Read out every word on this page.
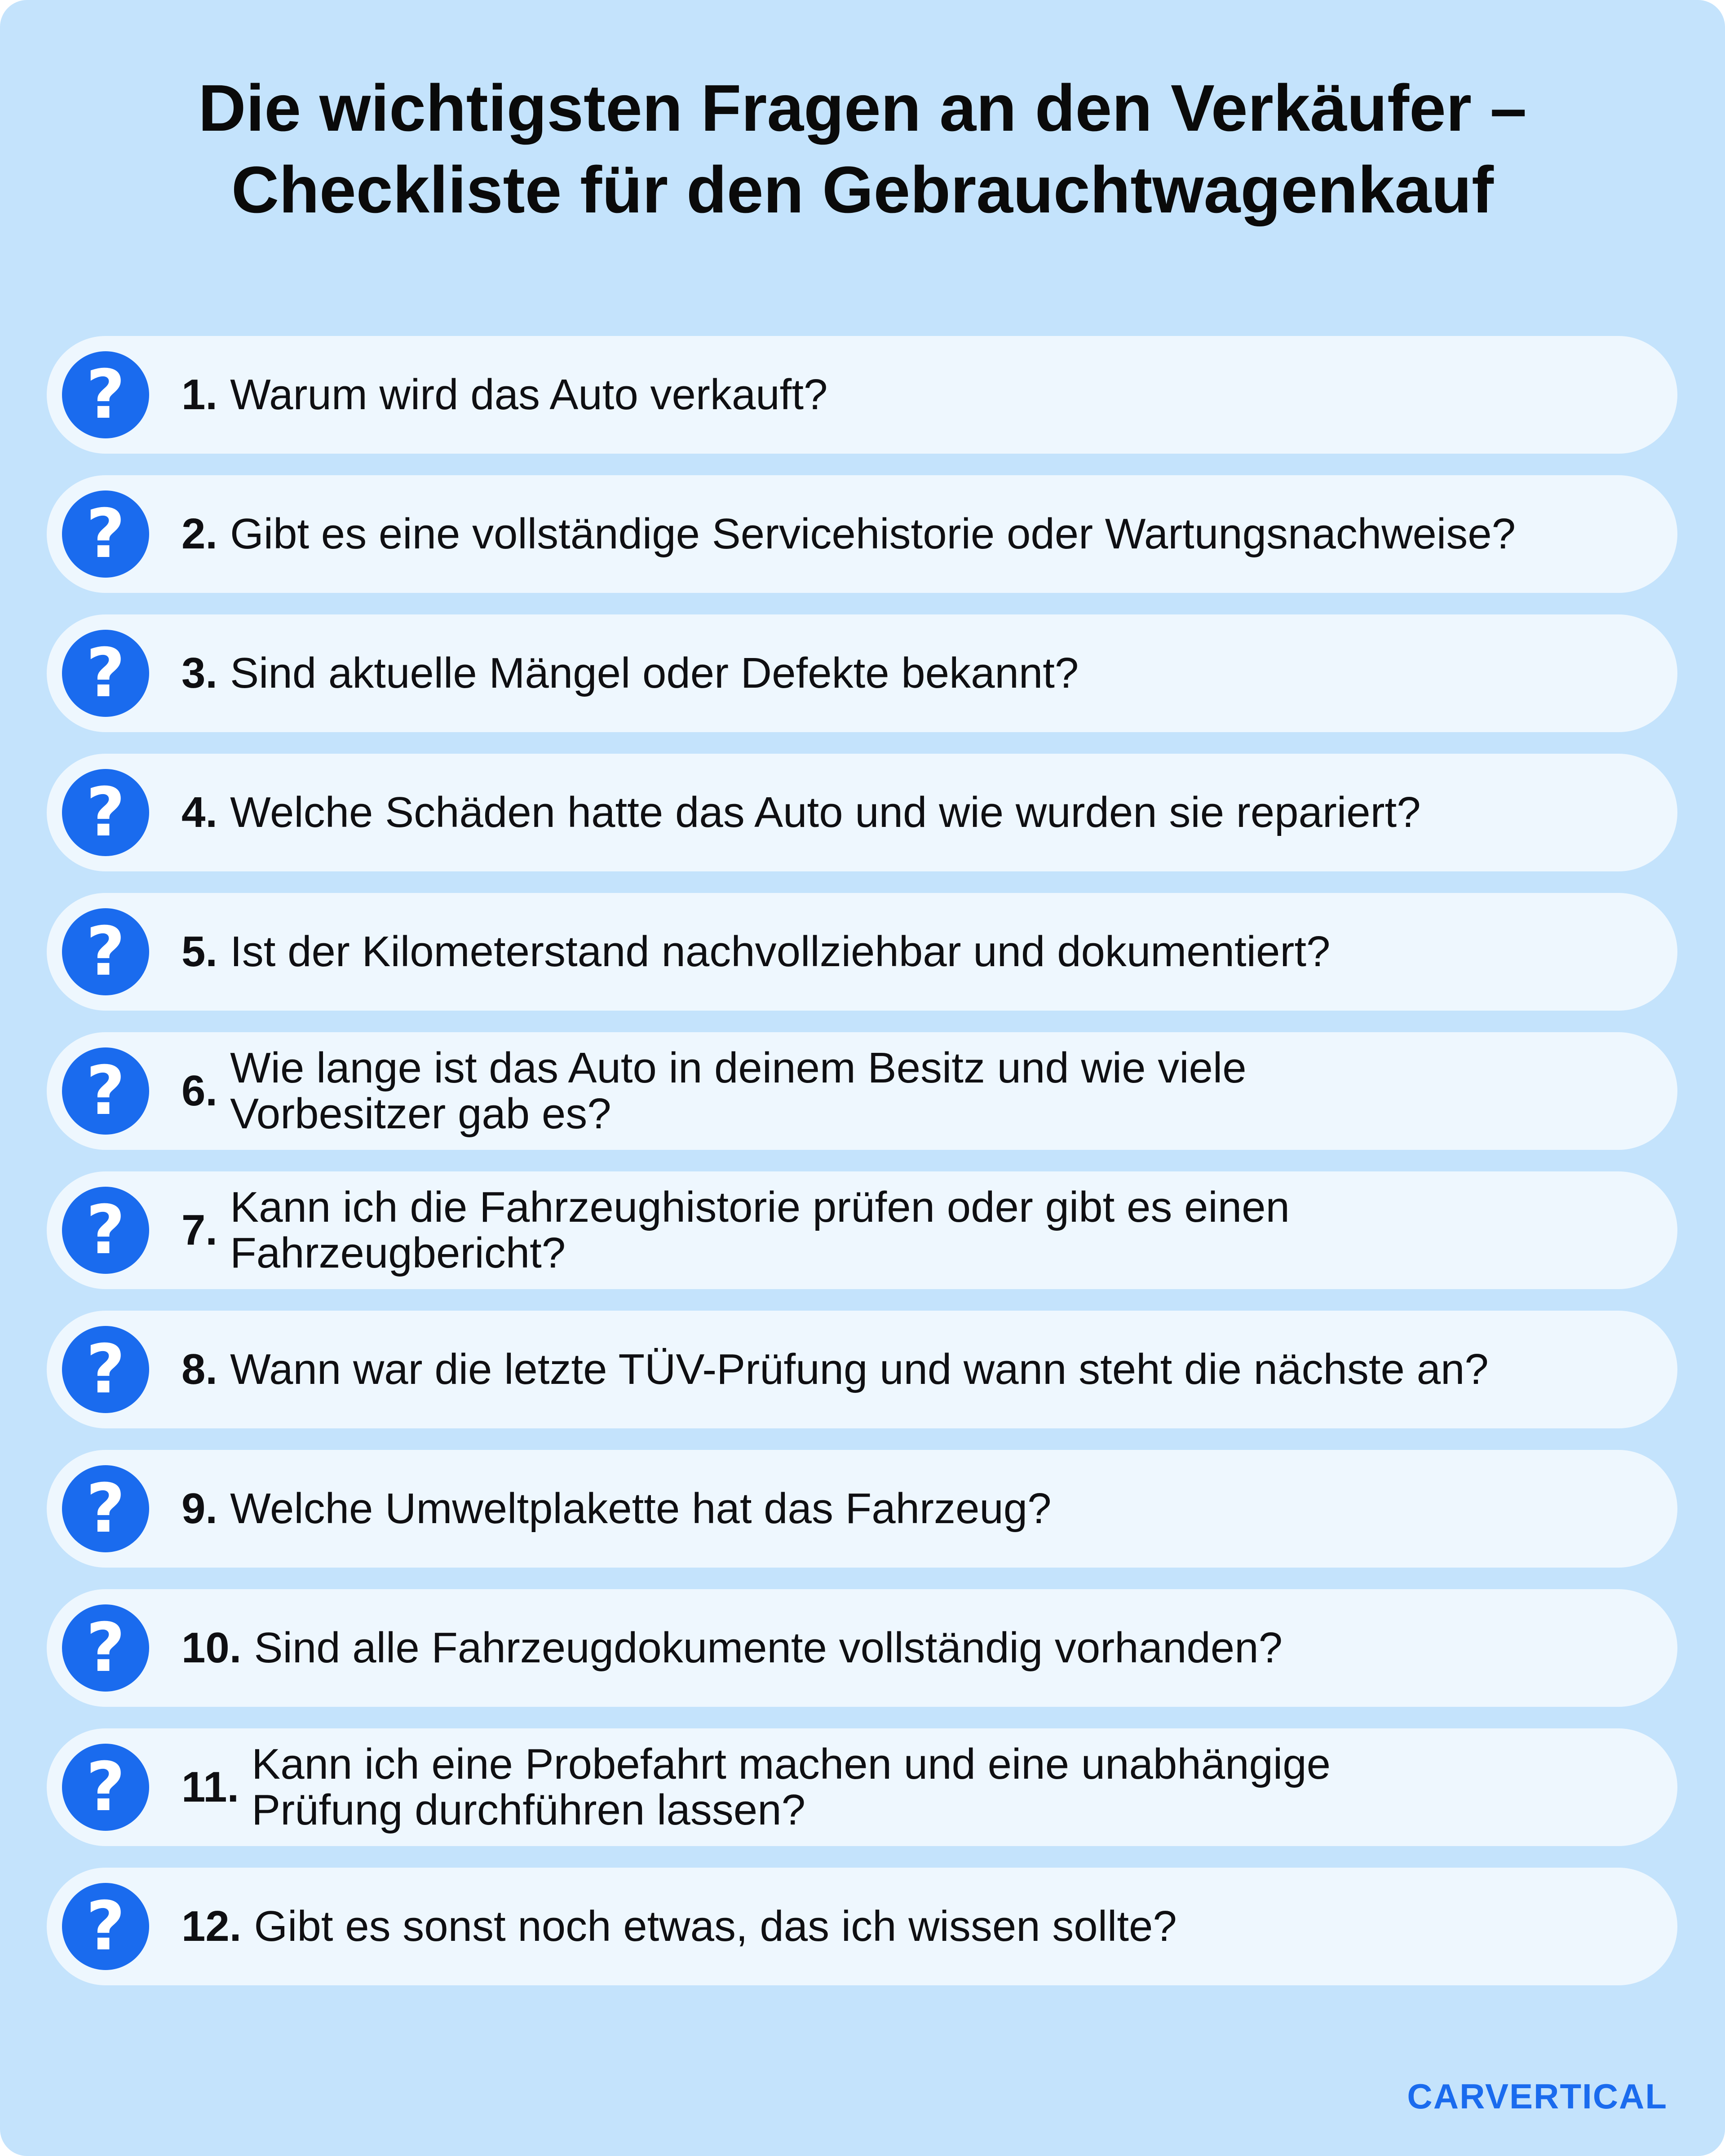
Die wichtigsten Fragen an den Verkäufer –
Checkliste für den Gebrauchtwagenkauf
?	1. Warum wird das Auto verkauft?
?	2. Gibt es eine vollständige Servicehistorie oder Wartungsnachweise?
?	3. Sind aktuelle Mängel oder Defekte bekannt?
?	4. Welche Schäden hatte das Auto und wie wurden sie repariert?
?	5. Ist der Kilometerstand nachvollziehbar und dokumentiert?
?	6. Wie lange ist das Auto in deinem Besitz und wie viele Vorbesitzer gab es?
?	7. Kann ich die Fahrzeughistorie prüfen oder gibt es einen Fahrzeugbericht?
?	8. Wann war die letzte TÜV-Prüfung und wann steht die nächste an?
?	9. Welche Umweltplakette hat das Fahrzeug?
?	10. Sind alle Fahrzeugdokumente vollständig vorhanden?
?	11. Kann ich eine Probefahrt machen und eine unabhängige Prüfung durchführen lassen?
?	12. Gibt es sonst noch etwas, das ich wissen sollte?
CARVERTICAL
